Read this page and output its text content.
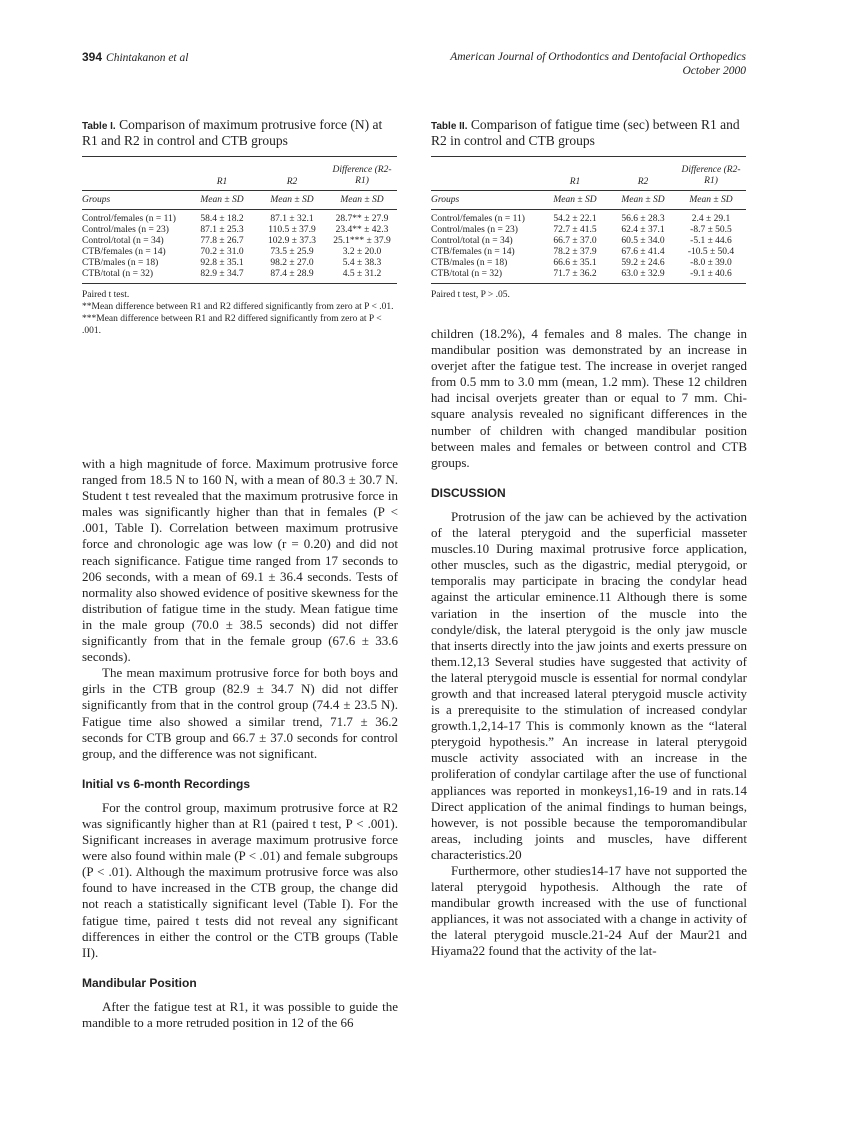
394 Chintakanon et al	American Journal of Orthodontics and Dentofacial Orthopedics
October 2000
Table I. Comparison of maximum protrusive force (N) at R1 and R2 in control and CTB groups
R1	R2
Difference (R2-R1)
Groups	Mean ± SD	Mean ± SD	Mean ± SD
Control/females (n = 11)	58.4 ± 18.2	87.1 ± 32.1	28.7** ± 27.9
Control/males (n = 23)	87.1 ± 25.3	110.5 ± 37.9	23.4** ± 42.3
Control/total (n = 34)	77.8 ± 26.7	102.9 ± 37.3	25.1*** ± 37.9
CTB/females (n = 14)	70.2 ± 31.0	73.5 ± 25.9	3.2 ± 20.0
CTB/males (n = 18)	92.8 ± 35.1	98.2 ± 27.0	5.4 ± 38.3
CTB/total (n = 32)	82.9 ± 34.7	87.4 ± 28.9	4.5 ± 31.2
Paired t test.
**Mean difference between R1 and R2 differed significantly from zero at P < .01.
***Mean difference between R1 and R2 differed significantly from zero at P < .001.
Table II. Comparison of fatigue time (sec) between R1 and R2 in control and CTB groups
R1	R2
Difference (R2-R1)
Groups	Mean ± SD	Mean ± SD	Mean ± SD
Control/females (n = 11)	54.2 ± 22.1	56.6 ± 28.3	2.4 ± 29.1
Control/males (n = 23)	72.7 ± 41.5	62.4 ± 37.1	-8.7 ± 50.5
Control/total (n = 34)	66.7 ± 37.0	60.5 ± 34.0	-5.1 ± 44.6
CTB/females (n = 14)	78.2 ± 37.9	67.6 ± 41.4	-10.5 ± 50.4
CTB/males (n = 18)	66.6 ± 35.1	59.2 ± 24.6	-8.0 ± 39.0
CTB/total (n = 32)	71.7 ± 36.2	63.0 ± 32.9	-9.1 ± 40.6
Paired t test, P > .05.

with a high magnitude of force. Maximum protrusive force ranged from 18.5 N to 160 N, with a mean of 80.3 ± 30.7 N. Student t test revealed that the maximum protrusive force in males was significantly higher than that in females (P < .001, Table I). Correlation between maximum protrusive force and chronologic age was low (r = 0.20) and did not reach significance. Fatigue time ranged from 17 seconds to 206 seconds, with a mean of 69.1 ± 36.4 seconds. Tests of normality also showed evidence of positive skewness for the distribution of fatigue time in the study. Mean fatigue time in the male group (70.0 ± 38.5 seconds) did not differ significantly from that in the female group (67.6 ± 33.6 seconds).

The mean maximum protrusive force for both boys and girls in the CTB group (82.9 ± 34.7 N) did not differ significantly from that in the control group (74.4 ± 23.5 N). Fatigue time also showed a similar trend, 71.7 ± 36.2 seconds for CTB group and 66.7 ± 37.0 seconds for control group, and the difference was not significant.

Initial vs 6-month Recordings

For the control group, maximum protrusive force at R2 was significantly higher than at R1 (paired t test, P < .001). Significant increases in average maximum protrusive force were also found within male (P < .01) and female subgroups (P < .01). Although the maximum protrusive force was also found to have increased in the CTB group, the change did not reach a statistically significant level (Table I). For the fatigue time, paired t tests did not reveal any significant differences in either the control or the CTB groups (Table II).

Mandibular Position

After the fatigue test at R1, it was possible to guide the mandible to a more retruded position in 12 of the 66

children (18.2%), 4 females and 8 males. The change in mandibular position was demonstrated by an increase in overjet after the fatigue test. The increase in overjet ranged from 0.5 mm to 3.0 mm (mean, 1.2 mm). These 12 children had incisal overjets greater than or equal to 7 mm. Chi-square analysis revealed no significant differences in the number of children with changed mandibular position between males and females or between control and CTB groups.

DISCUSSION

Protrusion of the jaw can be achieved by the activation of the lateral pterygoid and the superficial masseter muscles.10 During maximal protrusive force application, other muscles, such as the digastric, medial pterygoid, or temporalis may participate in bracing the condylar head against the articular eminence.11 Although there is some variation in the insertion of the muscle into the condyle/disk, the lateral pterygoid is the only jaw muscle that inserts directly into the jaw joints and exerts pressure on them.12,13 Several studies have suggested that activity of the lateral pterygoid muscle is essential for normal condylar growth and that increased lateral pterygoid muscle activity is a prerequisite to the stimulation of increased condylar growth.1,2,14-17 This is commonly known as the “lateral pterygoid hypothesis.” An increase in lateral pterygoid muscle activity associated with an increase in the proliferation of condylar cartilage after the use of functional appliances was reported in monkeys1,16-19 and in rats.14 Direct application of the animal findings to human beings, however, is not possible because the temporomandibular areas, including joints and muscles, have different characteristics.20

Furthermore, other studies14-17 have not supported the lateral pterygoid hypothesis. Although the rate of mandibular growth increased with the use of functional appliances, it was not associated with a change in activity of the lateral pterygoid muscle.21-24 Auf der Maur21 and Hiyama22 found that the activity of the lat-
